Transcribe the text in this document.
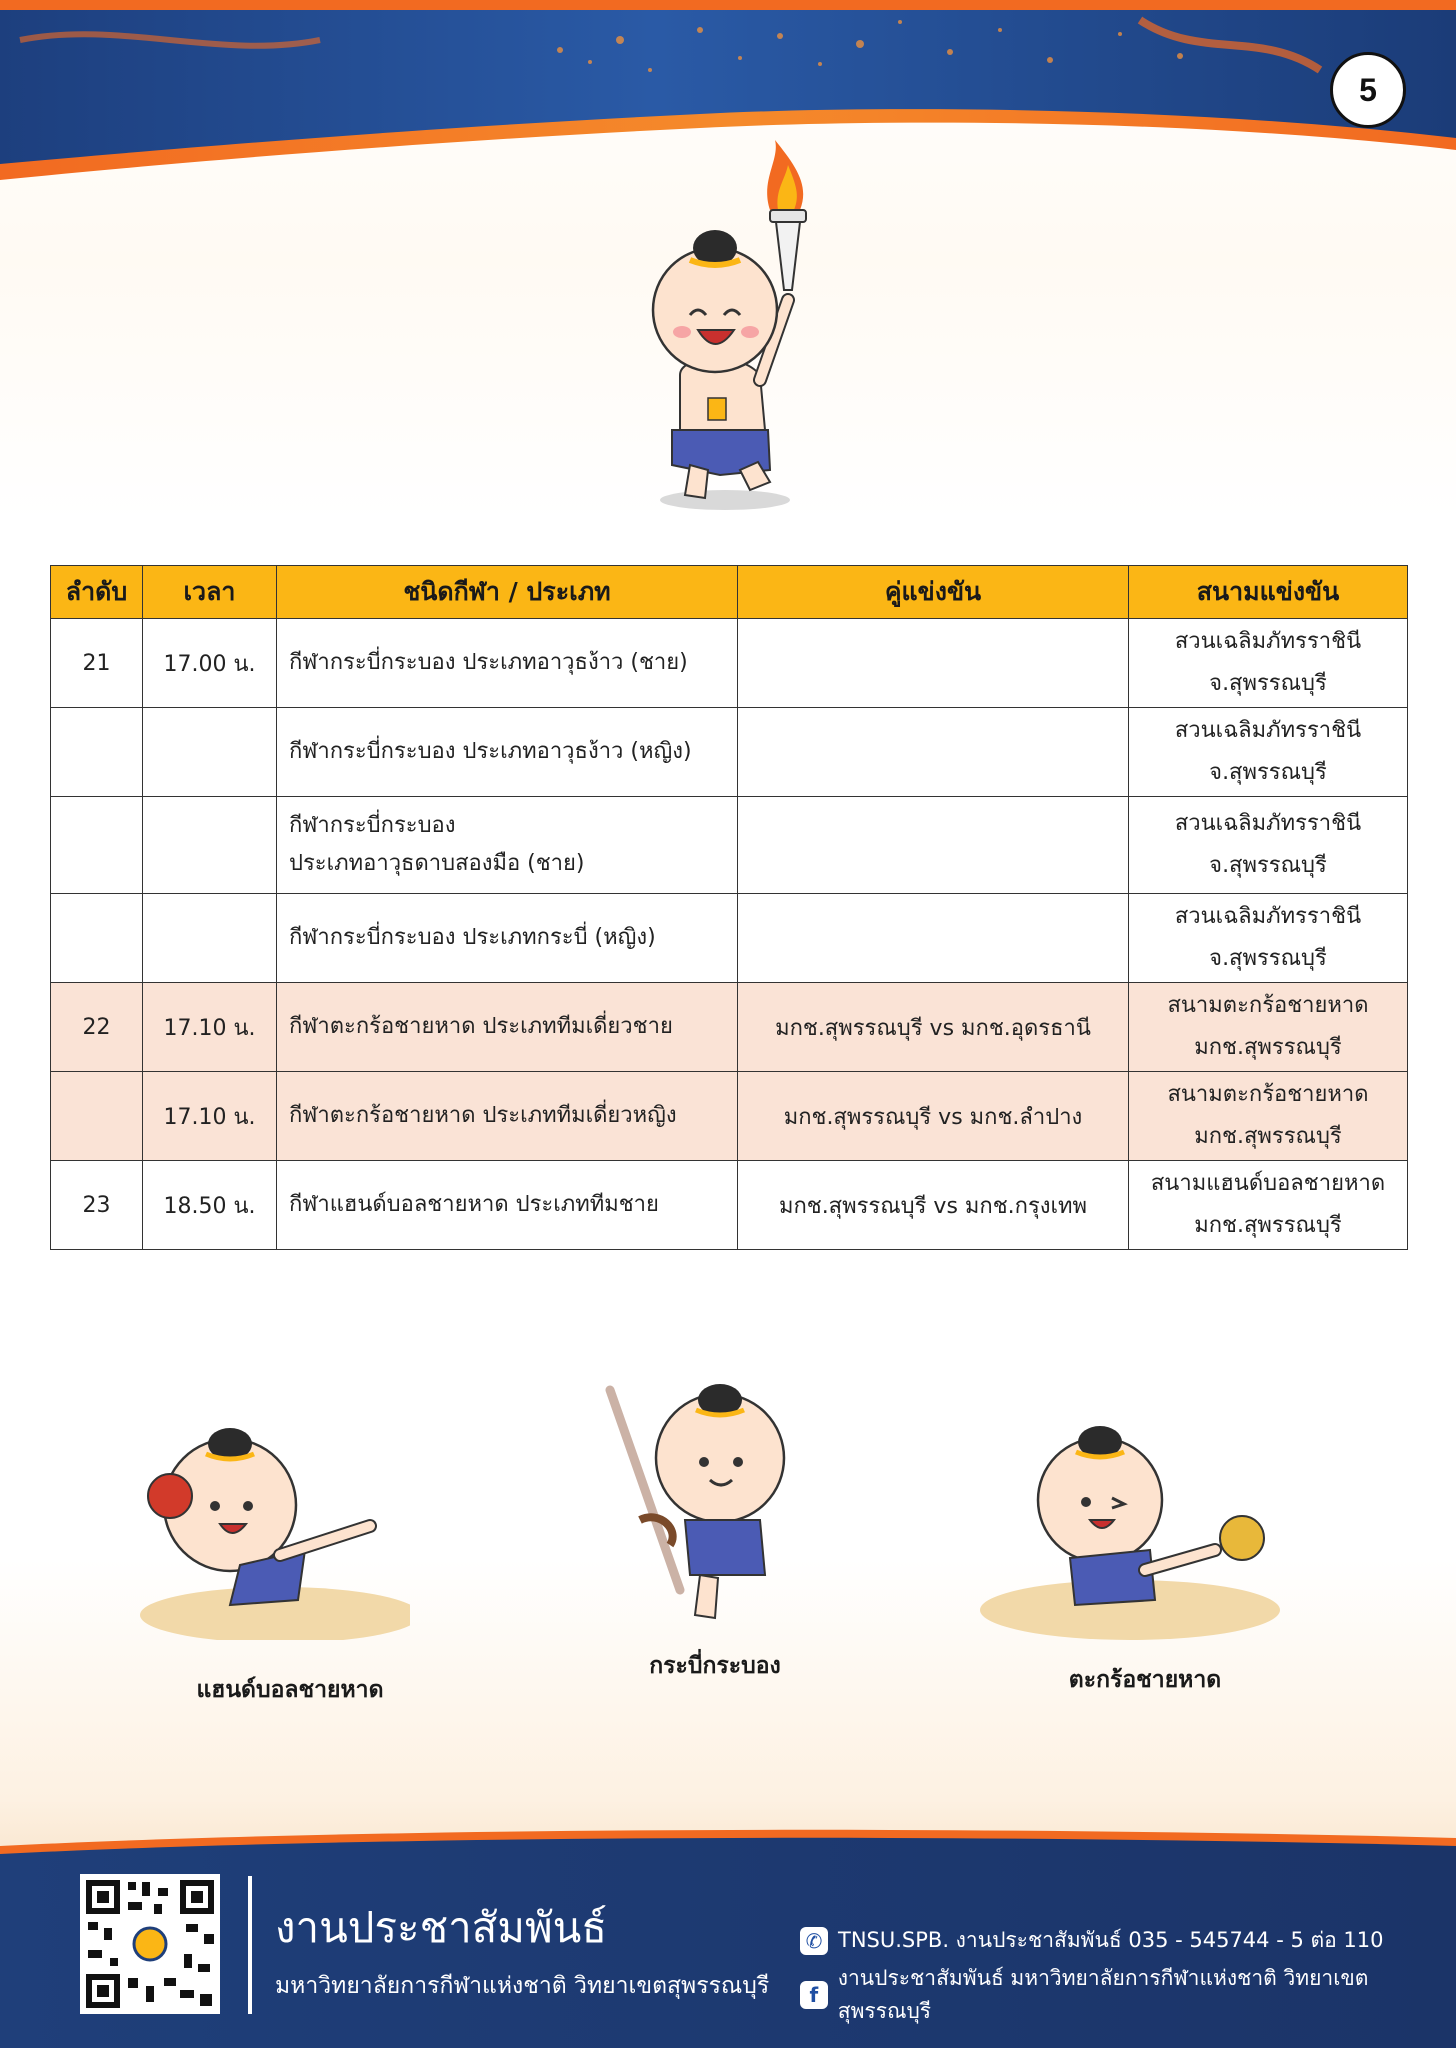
5
ลำดับ	เวลา	ชนิดกีฬา / ประเภท	คู่แข่งขัน	สนามแข่งขัน
21	17.00 น.	กีฬากระบี่กระบอง ประเภทอาวุธง้าว (ชาย)		สวนเฉลิมภัทรราชินี
จ.สุพรรณบุรี
		กีฬากระบี่กระบอง ประเภทอาวุธง้าว (หญิง)		สวนเฉลิมภัทรราชินี
จ.สุพรรณบุรี
		กีฬากระบี่กระบอง
ประเภทอาวุธดาบสองมือ (ชาย)		สวนเฉลิมภัทรราชินี
จ.สุพรรณบุรี
		กีฬากระบี่กระบอง ประเภทกระบี่ (หญิง)		สวนเฉลิมภัทรราชินี
จ.สุพรรณบุรี
22	17.10 น.	กีฬาตะกร้อชายหาด ประเภททีมเดี่ยวชาย	มกช.สุพรรณบุรี vs มกช.อุดรธานี	สนามตะกร้อชายหาด
มกช.สุพรรณบุรี
	17.10 น.	กีฬาตะกร้อชายหาด ประเภททีมเดี่ยวหญิง	มกช.สุพรรณบุรี vs มกช.ลำปาง	สนามตะกร้อชายหาด
มกช.สุพรรณบุรี
23	18.50 น.	กีฬาแฮนด์บอลชายหาด ประเภททีมชาย	มกช.สุพรรณบุรี vs มกช.กรุงเทพ	สนามแฮนด์บอลชายหาด
มกช.สุพรรณบุรี
แฮนด์บอลชายหาด
กระบี่กระบอง
ตะกร้อชายหาด
งานประชาสัมพันธ์
มหาวิทยาลัยการกีฬาแห่งชาติ วิทยาเขตสุพรรณบุรี
✆ TNSU.SPB. งานประชาสัมพันธ์ 035 - 545744 - 5 ต่อ 110
f
งานประชาสัมพันธ์ มหาวิทยาลัยการกีฬาแห่งชาติ วิทยาเขตสุพรรณบุรี
